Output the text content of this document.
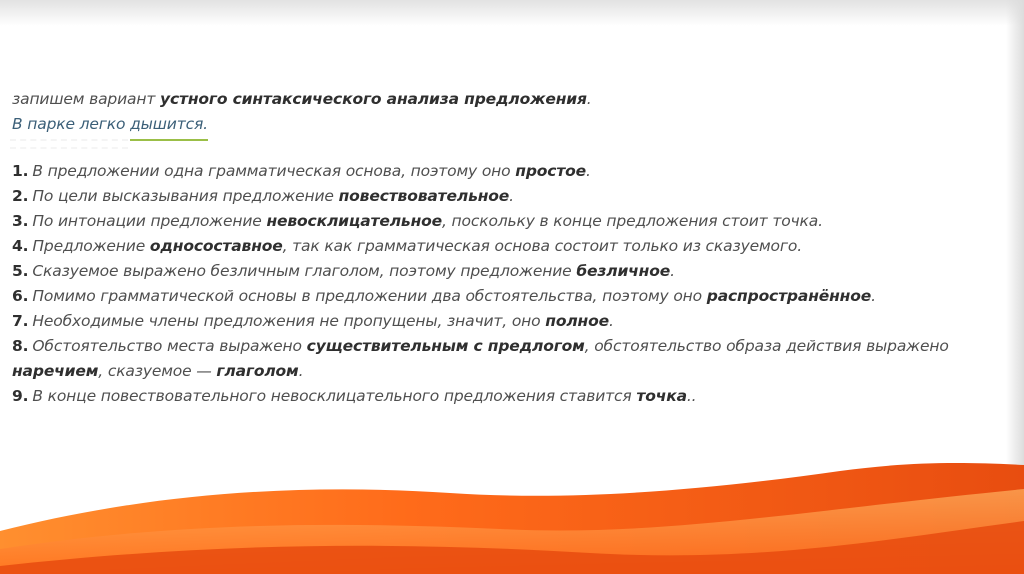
запишем вариант устного синтаксического анализа предложения.
В парке легко дышится.
1. В предложении одна грамматическая основа, поэтому оно простое.
2. По цели высказывания предложение повествовательное.
3. По интонации предложение невосклицательное, поскольку в конце предложения стоит точка.
4. Предложение односоставное, так как грамматическая основа состоит только из сказуемого.
5. Сказуемое выражено безличным глаголом, поэтому предложение безличное.
6. Помимо грамматической основы в предложении два обстоятельства, поэтому оно распространённое.
7. Необходимые члены предложения не пропущены, значит, оно полное.
8. Обстоятельство места выражено существительным с предлогом, обстоятельство образа действия выражено
наречием, сказуемое — глаголом.
9. В конце повествовательного невосклицательного предложения ставится точка..
